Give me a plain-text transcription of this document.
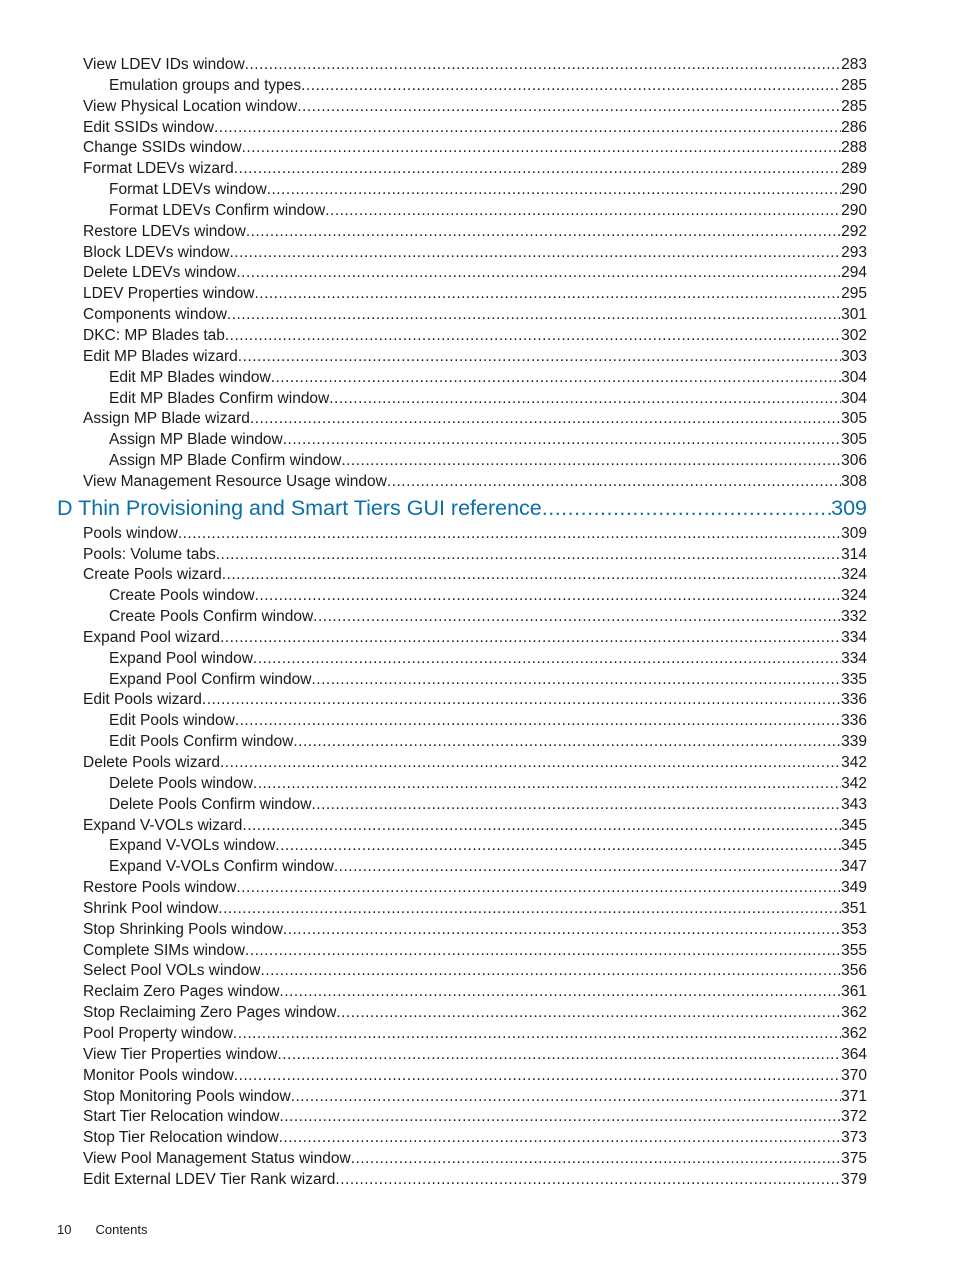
View LDEV IDs window .....	283
Emulation groups and types .....	285
View Physical Location window .....	285
Edit SSIDs window .....	286
Change SSIDs window .....	288
Format LDEVs wizard .....	289
Format LDEVs window .....	290
Format LDEVs Confirm window .....	290
Restore LDEVs window .....	292
Block LDEVs window .....	293
Delete LDEVs window .....	294
LDEV Properties window .....	295
Components window .....	301
DKC: MP Blades tab .....	302
Edit MP Blades wizard .....	303
Edit MP Blades window .....	304
Edit MP Blades Confirm window .....	304
Assign MP Blade wizard .....	305
Assign MP Blade window .....	305
Assign MP Blade Confirm window .....	306
View Management Resource Usage window .....	308
D Thin Provisioning and Smart Tiers GUI reference .....	309
Pools window .....	309
Pools: Volume tabs .....	314
Create Pools wizard .....	324
Create Pools window .....	324
Create Pools Confirm window .....	332
Expand Pool wizard .....	334
Expand Pool window .....	334
Expand Pool Confirm window .....	335
Edit Pools wizard .....	336
Edit Pools window .....	336
Edit Pools Confirm window .....	339
Delete Pools wizard .....	342
Delete Pools window .....	342
Delete Pools Confirm window .....	343
Expand V-VOLs wizard .....	345
Expand V-VOLs window .....	345
Expand V-VOLs Confirm window .....	347
Restore Pools window .....	349
Shrink Pool window .....	351
Stop Shrinking Pools window .....	353
Complete SIMs window .....	355
Select Pool VOLs window .....	356
Reclaim Zero Pages window .....	361
Stop Reclaiming Zero Pages window .....	362
Pool Property window .....	362
View Tier Properties window .....	364
Monitor Pools window .....	370
Stop Monitoring Pools window .....	371
Start Tier Relocation window .....	372
Stop Tier Relocation window .....	373
View Pool Management Status window .....	375
Edit External LDEV Tier Rank wizard .....	379
10 Contents
